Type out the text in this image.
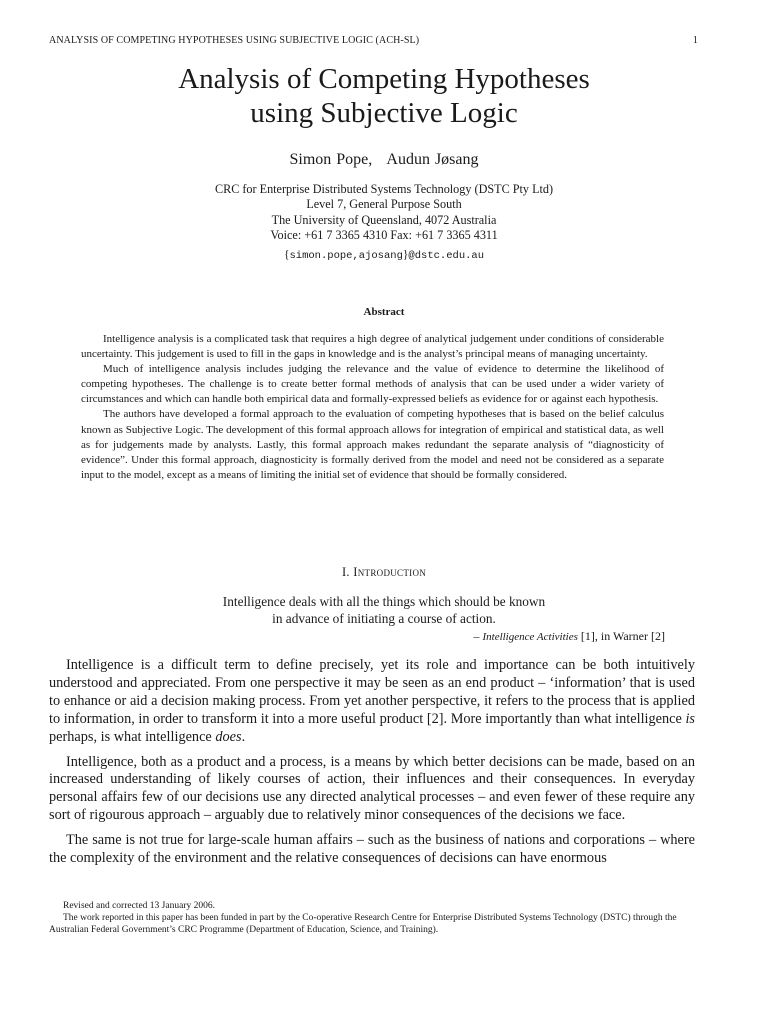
ANALYSIS OF COMPETING HYPOTHESES USING SUBJECTIVE LOGIC (ACH-SL)	1
Analysis of Competing Hypotheses
using Subjective Logic
Simon Pope,   Audun Jøsang
CRC for Enterprise Distributed Systems Technology (DSTC Pty Ltd)
Level 7, General Purpose South
The University of Queensland, 4072 Australia
Voice: +61 7 3365 4310 Fax: +61 7 3365 4311
{simon.pope,ajosang}@dstc.edu.au
Abstract

Intelligence analysis is a complicated task that requires a high degree of analytical judgement under conditions of considerable uncertainty. This judgement is used to fill in the gaps in knowledge and is the analyst’s principal means of managing uncertainty.

Much of intelligence analysis includes judging the relevance and the value of evidence to determine the likelihood of competing hypotheses. The challenge is to create better formal methods of analysis that can be used under a wider variety of circumstances and which can handle both empirical data and formally-expressed beliefs as evidence for or against each hypothesis.

The authors have developed a formal approach to the evaluation of competing hypotheses that is based on the belief calculus known as Subjective Logic. The development of this formal approach allows for integration of empirical and statistical data, as well as for judgements made by analysts. Lastly, this formal approach makes redundant the separate analysis of “diagnosticity of evidence”. Under this formal approach, diagnosticity is formally derived from the model and need not be considered as a separate input to the model, except as a means of limiting the initial set of evidence that should be formally considered.

I. Introduction
Intelligence deals with all the things which should be known
in advance of initiating a course of action.
– Intelligence Activities [1], in Warner [2]

Intelligence is a difficult term to define precisely, yet its role and importance can be both intuitively understood and appreciated. From one perspective it may be seen as an end product – ‘information’ that is used to enhance or aid a decision making process. From yet another perspective, it refers to the process that is applied to information, in order to transform it into a more useful product [2]. More importantly than what intelligence is perhaps, is what intelligence does.

Intelligence, both as a product and a process, is a means by which better decisions can be made, based on an increased understanding of likely courses of action, their influences and their consequences. In everyday personal affairs few of our decisions use any directed analytical processes – and even fewer of these require any sort of rigourous approach – arguably due to relatively minor consequences of the decisions we face.

The same is not true for large-scale human affairs – such as the business of nations and corporations – where the complexity of the environment and the relative consequences of decisions can have enormous

Revised and corrected 13 January 2006.

The work reported in this paper has been funded in part by the Co-operative Research Centre for Enterprise Distributed Systems Technology (DSTC) through the Australian Federal Government’s CRC Programme (Department of Education, Science, and Training).
